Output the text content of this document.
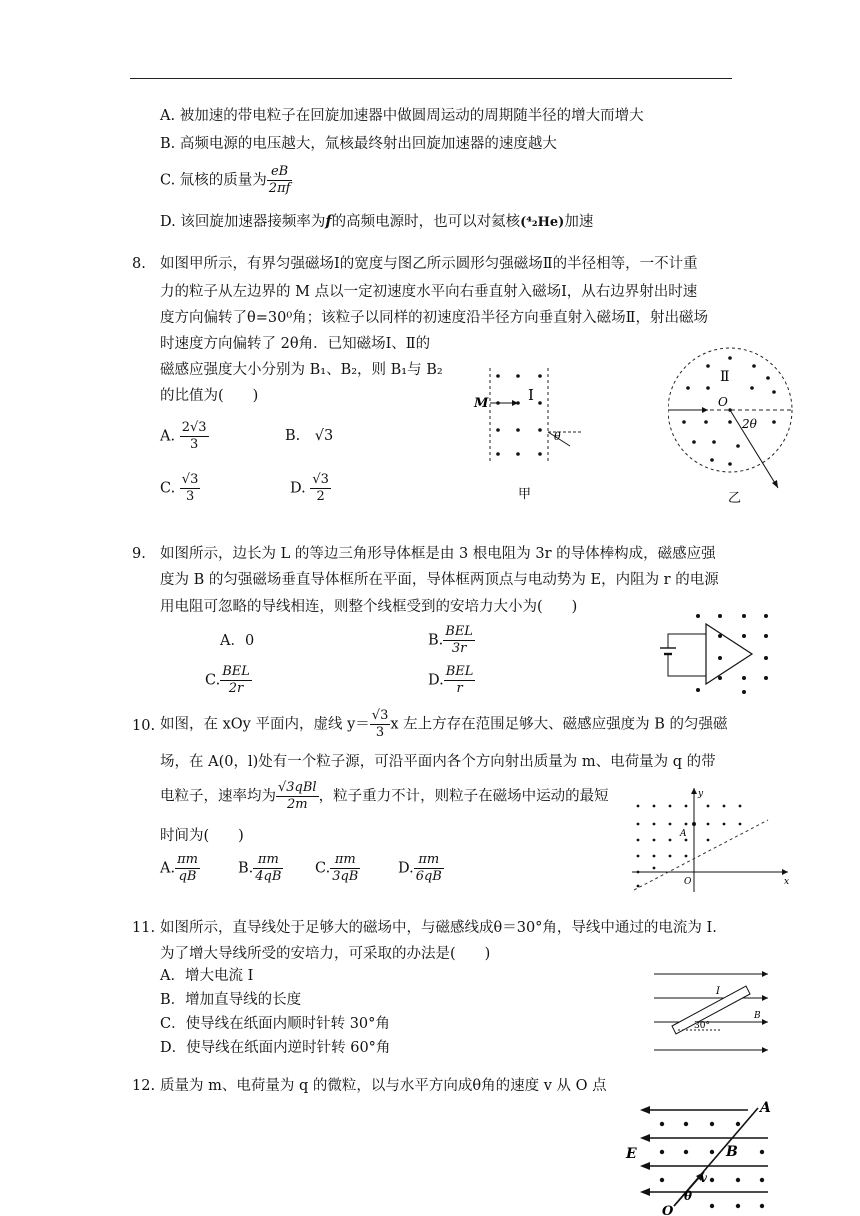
A. 被加速的带电粒子在回旋加速器中做圆周运动的周期随半径的增大而增大
B. 高频电源的电压越大，氚核最终射出回旋加速器的速度越大
C. 氚核的质量为 $\frac{eB}{2\pi f}$
D. 该回旋加速器接频率为f的高频电源时，也可以对氦核(⁴₂He)加速
8. 如图甲所示，有界匀强磁场Ⅰ的宽度与图乙所示圆形匀强磁场Ⅱ的半径相等，一不计重
力的粒子从左边界的 M 点以一定初速度水平向右垂直射入磁场Ⅰ，从右边界射出时速
度方向偏转了θ=30⁰角；该粒子以同样的初速度沿半径方向垂直射入磁场Ⅱ，射出磁场
时速度方向偏转了 2θ角．已知磁场Ⅰ、Ⅱ的
磁感应强度大小分别为 B₁、B₂，则 B₁与 B₂
的比值为(　　)
A. $\frac{2√3}{3}$	B.　√3
C. $\frac{√3}{3}$	D. $\frac{√3}{2}$
M	Ⅰ
θ
甲
Ⅱ
O
2θ
乙
9. 如图所示，边长为 L 的等边三角形导体框是由 3 根电阻为 3r 的导体棒构成，磁感应强
度为 B 的匀强磁场垂直导体框所在平面，导体框两顶点与电动势为 E，内阻为 r 的电源
用电阻可忽略的导线相连，则整个线框受到的安培力大小为(　　)
A．0	B. $\frac{\text{BEL}}{3r}$
C. $\frac{\text{BEL}}{2r}$	D. $\frac{\text{BEL}}{r}$
10. 如图，在 xOy 平面内，虚线 $y= \frac{√3}{3}$ x 左上方存在范围足够大、磁感应强度为 B 的匀强磁
场，在 A(0，l)处有一个粒子源，可沿平面内各个方向射出质量为 m、电荷量为 q 的带
电粒子，速率均为 $\frac{\text{√3qBl}}{2m}$ ，粒子重力不计，则粒子在磁场中运动的最短
时间为(　　)
A. $\frac{\pi m}{qB}$	B. $\frac{\pi m}{4qB} C$. $\frac{\pi m}{3qB}$	D. $\frac{\pi m}{6qB}$
y
x
A
O
11. 如图所示，直导线处于足够大的磁场中，与磁感线成θ＝30°角，导线中通过的电流为 I.
为了增大导线所受的安培力，可采取的办法是(　　)
A．增大电流 I
B．增加直导线的长度
C．使导线在纸面内顺时针转 30°角
D．使导线在纸面内逆时针转 60°角
I
30°
B
12. 质量为 m、电荷量为 q 的微粒，以与水平方向成θ角的速度 v 从 O 点
A
B
E
v
θ
O
